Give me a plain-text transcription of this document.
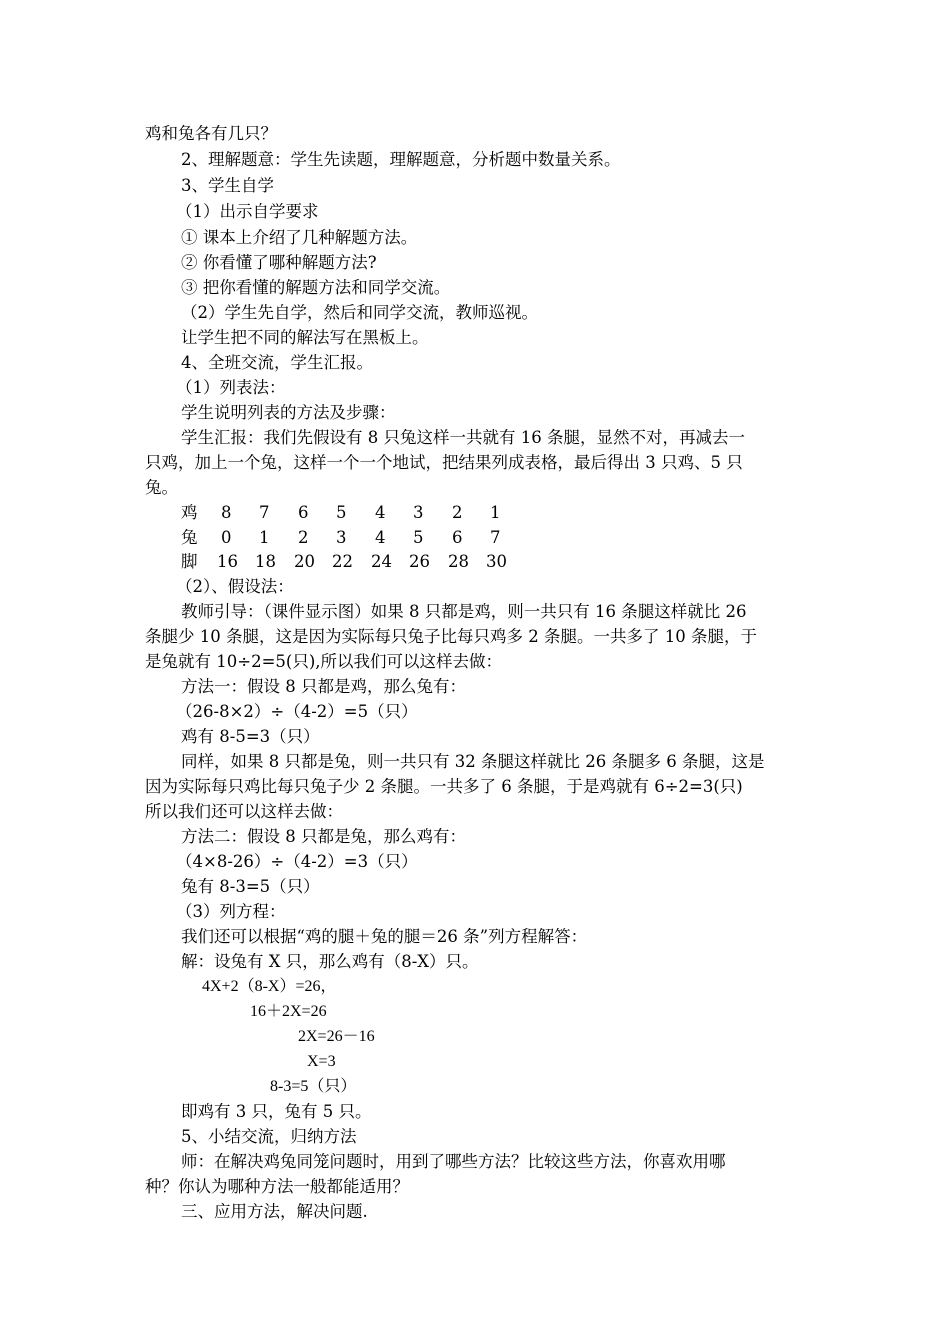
鸡和兔各有几只？
2、理解题意：学生先读题，理解题意，分析题中数量关系。
3、学生自学
（1）出示自学要求
① 课本上介绍了几种解题方法。
② 你看懂了哪种解题方法?
③ 把你看懂的解题方法和同学交流。
（2）学生先自学，然后和同学交流，教师巡视。
让学生把不同的解法写在黑板上。
4、全班交流，学生汇报。
（1）列表法：
学生说明列表的方法及步骤：
学生汇报：我们先假设有 8 只兔这样一共就有 16 条腿，显然不对，再减去一
只鸡，加上一个兔，这样一个一个地试，把结果列成表格，最后得出 3 只鸡、5 只
兔。
鸡 8 7 6 5 4 3 2 1
兔 0 1 2 3 4 5 6 7
脚 16 18 20 22 24 26 28 30
（2）、假设法：
教师引导：（课件显示图）如果 8 只都是鸡，则一共只有 16 条腿这样就比 26
条腿少 10 条腿，这是因为实际每只兔子比每只鸡多 2 条腿。一共多了 10 条腿，于
是兔就有 10÷2=5(只),所以我们可以这样去做：
方法一：假设 8 只都是鸡，那么兔有：
（26-8×2）÷（4-2）=5（只）
鸡有 8-5=3（只）
同样，如果 8 只都是兔，则一共只有 32 条腿这样就比 26 条腿多 6 条腿，这是
因为实际每只鸡比每只兔子少 2 条腿。一共多了 6 条腿，于是鸡就有 6÷2=3(只)
所以我们还可以这样去做：
方法二：假设 8 只都是兔，那么鸡有：
（4×8-26）÷（4-2）=3（只）
兔有 8-3=5（只）
（3）列方程：
我们还可以根据“鸡的腿＋兔的腿＝26 条”列方程解答：
解：设兔有 X 只，那么鸡有（8-X）只。
4X+2（8-X）=26，
16＋2X=26
2X=26－16
X=3
8-3=5（只）
即鸡有 3 只，兔有 5 只。
5、小结交流，归纳方法
师：在解决鸡兔同笼问题时，用到了哪些方法？比较这些方法，你喜欢用哪
种？你认为哪种方法一般都能适用？
三、应用方法，解决问题.
